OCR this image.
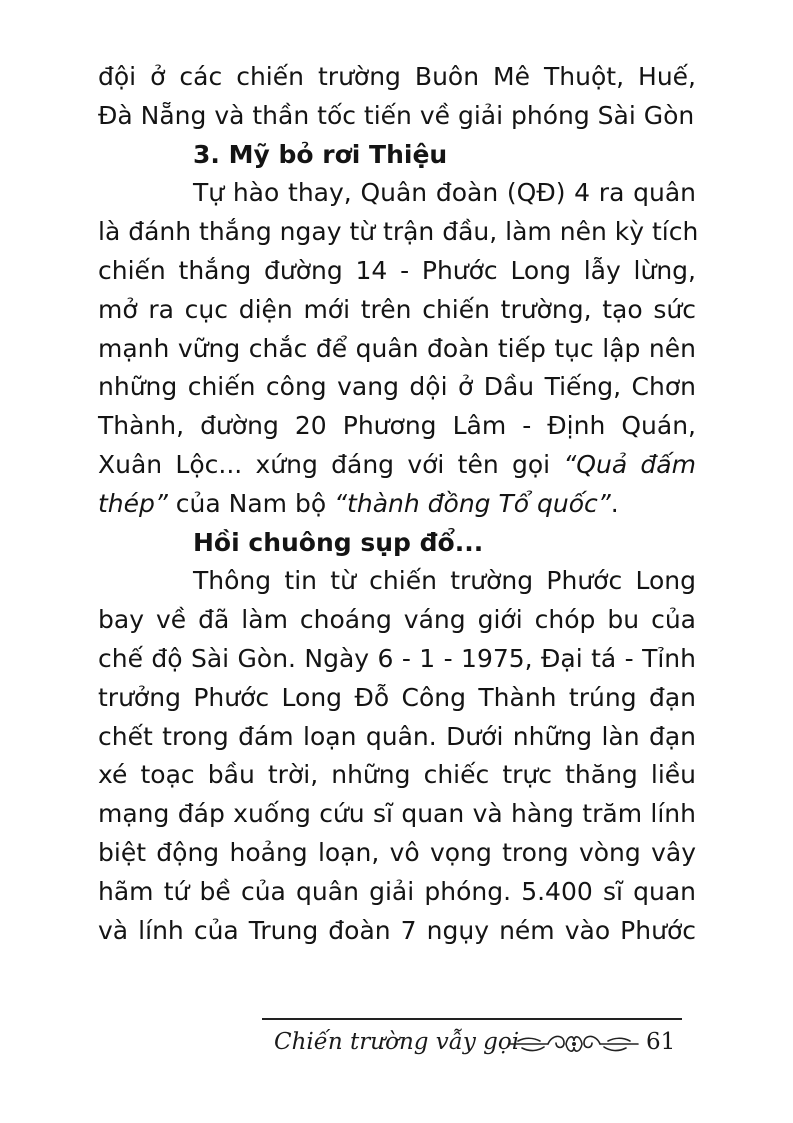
đội ở các chiến trường Buôn Mê Thuột, Huế,
Đà Nẵng và thần tốc tiến về giải phóng Sài Gòn
3. Mỹ bỏ rơi Thiệu
Tự hào thay, Quân đoàn (QĐ) 4 ra quân
là đánh thắng ngay từ trận đầu, làm nên kỳ tích
chiến thắng đường 14 - Phước Long lẫy lừng,
mở ra cục diện mới trên chiến trường, tạo sức
mạnh vững chắc để quân đoàn tiếp tục lập nên
những chiến công vang dội ở Dầu Tiếng, Chơn
Thành, đường 20 Phương Lâm - Định Quán,
Xuân Lộc... xứng đáng với tên gọi “Quả đấm
thép” của Nam bộ “thành đồng Tổ quốc”.
Hồi chuông sụp đổ...
Thông tin từ chiến trường Phước Long
bay về đã làm choáng váng giới chóp bu của
chế độ Sài Gòn. Ngày 6 - 1 - 1975, Đại tá - Tỉnh
trưởng Phước Long Đỗ Công Thành trúng đạn
chết trong đám loạn quân. Dưới những làn đạn
xé toạc bầu trời, những chiếc trực thăng liều
mạng đáp xuống cứu sĩ quan và hàng trăm lính
biệt động hoảng loạn, vô vọng trong vòng vây
hãm tứ bề của quân giải phóng. 5.400 sĩ quan
và lính của Trung đoàn 7 ngụy ném vào Phước
Chiến trường vẫy gọi	61
